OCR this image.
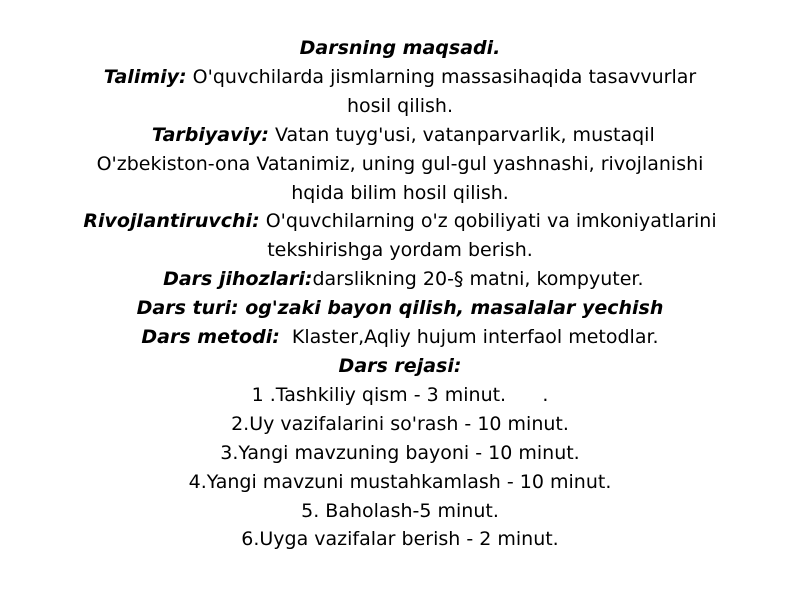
Darsning maqsadi.
Talimiy: O'quvchilarda jismlarning massasihaqida tasavvurlar
hosil qilish.
Tarbiyaviy: Vatan tuyg'usi, vatanparvarlik, mustaqil
O'zbekiston-ona Vatanimiz, uning gul-gul yashnashi, rivojlanishi
hqida bilim hosil qilish.
RivojIantiruvchi: O'quvchilarning o'z qobiliyati va imkoniyatlarini
tekshirishga yordam berish.
Dars jihozlari:darslikning 20-§ matni, kompyuter.
Dars turi: og'zaki bayon qilish, masalalar yechish
Dars metodi:  Klaster,Aqliy hujum interfaol metodlar.
Dars rejasi:
1 .Tashkiliy qism - 3 minut.      .
2.Uy vazifalarini so'rash - 10 minut.
3.Yangi mavzuning bayoni - 10 minut.
4.Yangi mavzuni mustahkamlash - 10 minut.
5. Baholash-5 minut.
6.Uyga vazifalar berish - 2 minut.
